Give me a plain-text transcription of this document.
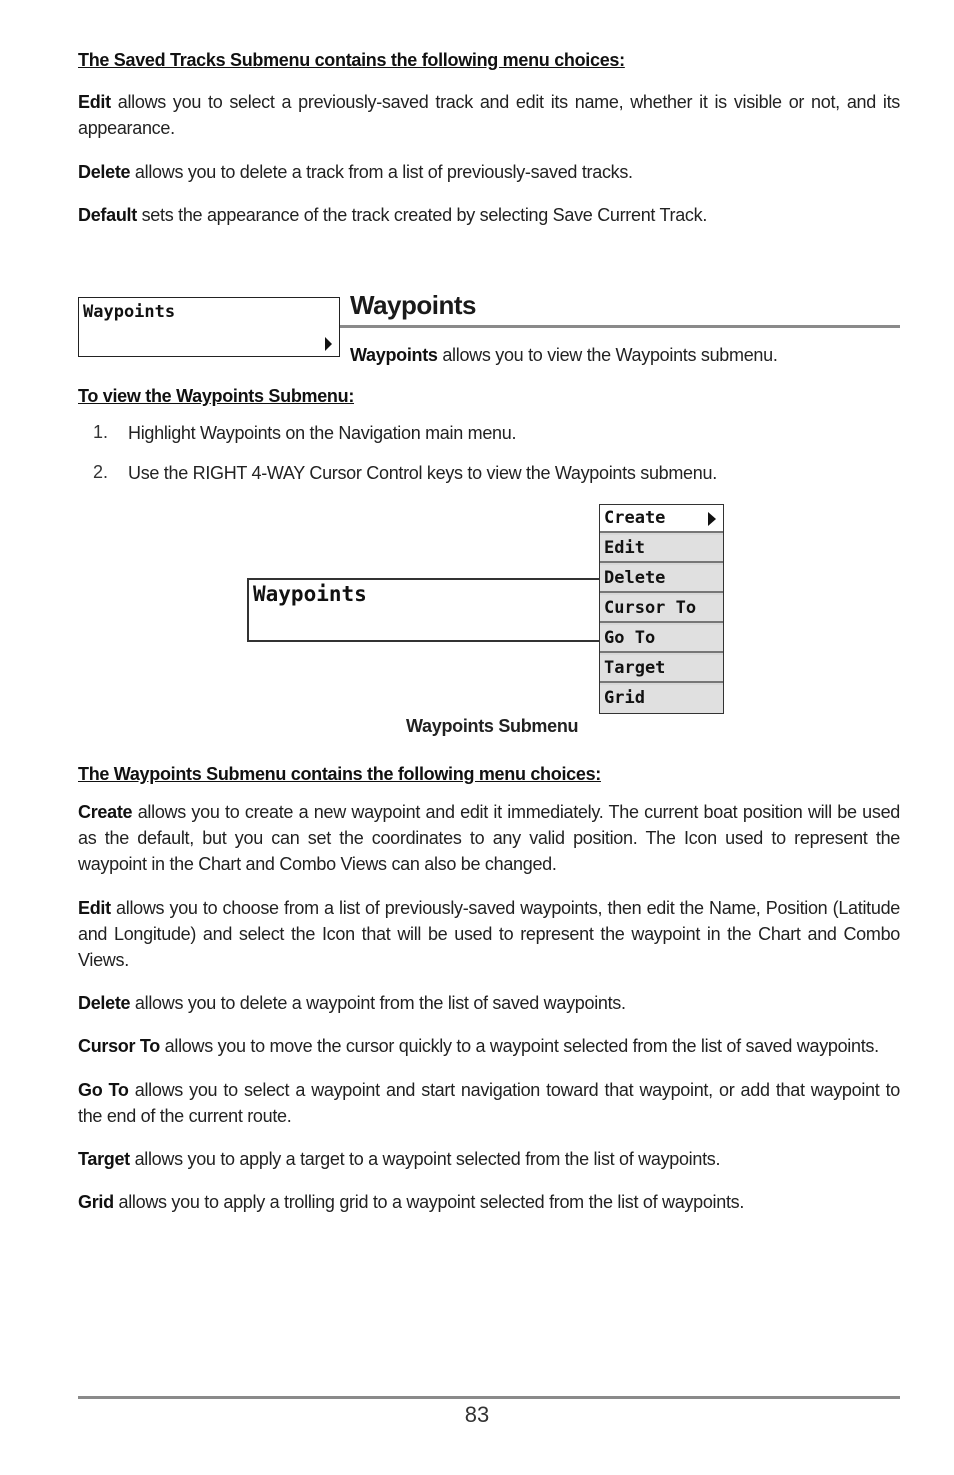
The Saved Tracks Submenu contains the following menu choices:
Edit allows you to select a previously-saved track and edit its name, whether it is visible or not, and its appearance.
Delete allows you to delete a track from a list of previously-saved tracks.
Default sets the appearance of the track created by selecting Save Current Track.
Waypoints	Waypoints
Waypoints allows you to view the Waypoints submenu.
To view the Waypoints Submenu:
1. Highlight Waypoints on the Navigation main menu.
2. Use the RIGHT 4-WAY Cursor Control keys to view the Waypoints submenu.
Waypoints
Create
Edit
Delete
Cursor To
Go To
Target
Grid
Waypoints Submenu
The Waypoints Submenu contains the following menu choices:
Create allows you to create a new waypoint and edit it immediately. The current boat position will be used as the default, but you can set the coordinates to any valid position. The Icon used to represent the waypoint in the Chart and Combo Views can also be changed.
Edit allows you to choose from a list of previously-saved waypoints, then edit the Name, Position (Latitude and Longitude) and select the Icon that will be used to represent the waypoint in the Chart and Combo Views.
Delete allows you to delete a waypoint from the list of saved waypoints.
Cursor To allows you to move the cursor quickly to a waypoint selected from the list of saved waypoints.
Go To allows you to select a waypoint and start navigation toward that waypoint, or add that waypoint to the end of the current route.
Target allows you to apply a target to a waypoint selected from the list of waypoints.
Grid allows you to apply a trolling grid to a waypoint selected from the list of waypoints.
83
